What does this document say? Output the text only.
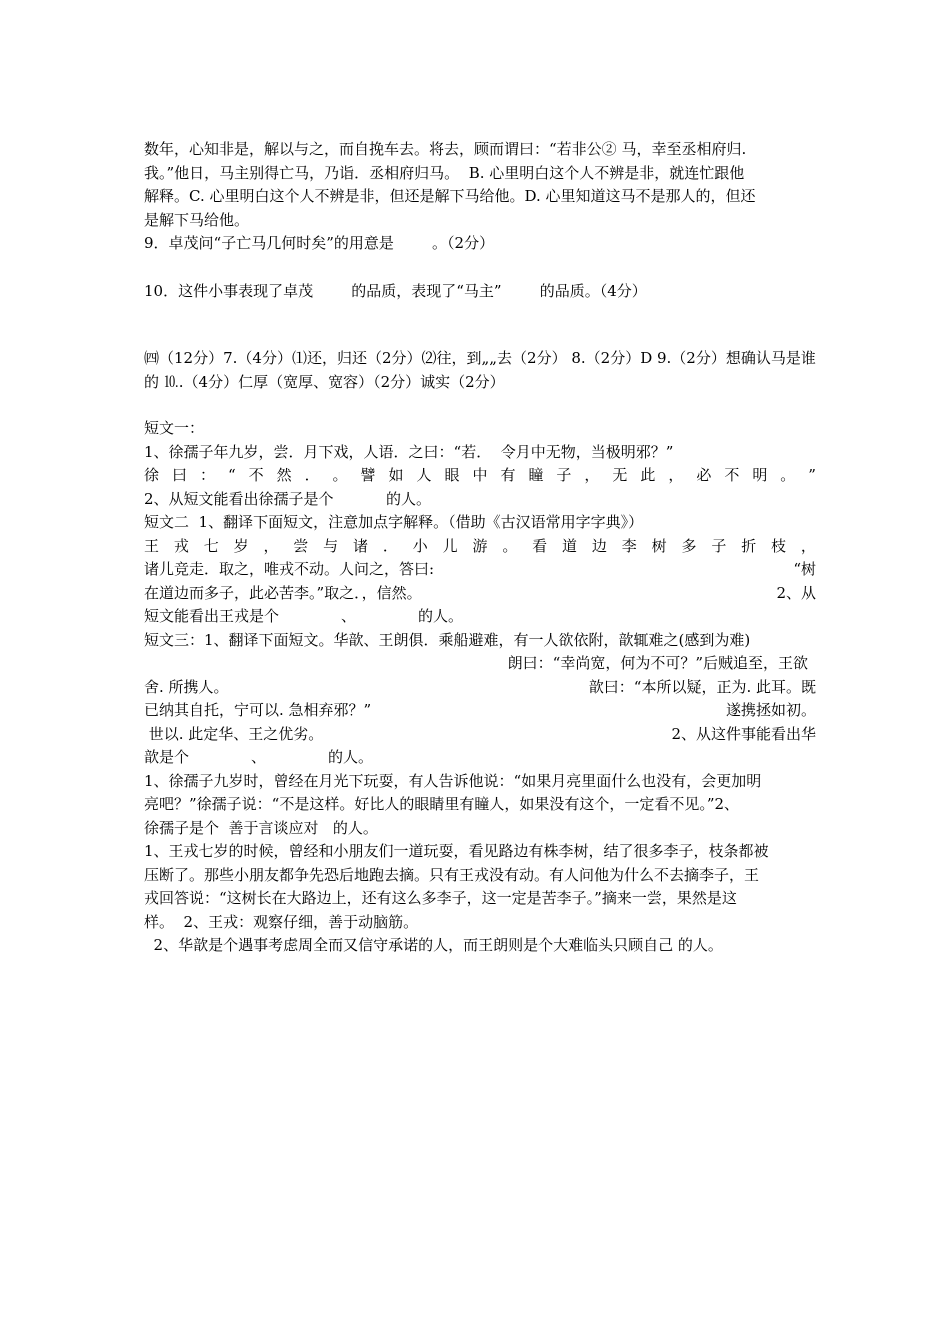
数年，心知非是，解以与之，而自挽车去。将去，顾而谓曰：“若非公② 马，幸至丞相府归.

我。”他日，马主别得亡马，乃诣．丞相府归马。  B. 心里明白这个人不辨是非，就连忙跟他

解释。C. 心里明白这个人不辨是非，但还是解下马给他。D. 心里知道这马不是那人的，但还

是解下马给他。

9．卓茂问“子亡马几何时矣”的用意是        。（2分）

10．这件小事表现了卓茂        的品质，表现了“马主”        的品质。（4分）

㈣（12分）7.（4分）⑴还，归还（2分）⑵往，到„„去（2分） 8.（2分）D 9.（2分）想确认马是谁

的 ⒑.（4分）仁厚（宽厚、宽容）（2分）诚实（2分）

短文一：

1、徐孺子年九岁，尝．月下戏，人语．之曰：“若．  令月中无物，当极明邪？”

徐 曰 ： “ 不 然 ． 。 譬 如 人 眼 中 有 瞳 子 ， 无 此 ， 必 不 明 。 ”

2、从短文能看出徐孺子是个           的人。

短文二  1、翻译下面短文，注意加点字解释。（借助《古汉语常用字字典》）

王 戎 七 岁 ， 尝 与 诸 ． 小 儿 游 。 看 道 边 李 树 多 子 折 枝 ，
诸儿竞走．取之，唯戎不动。人问之，答曰:	“树
在道边而多子，此必苦李。”取之．，信然。	2、从

短文能看出王戎是个             、             的人。

短文三：1、翻译下面短文。华歆、王朗俱．乘船避难，有一人欲依附，歆辄难之(感到为难)

朗曰：“幸尚宽，何为不可？”后贼追至，王欲

舍. 所携人。	歆曰：“本所以疑，正为. 此耳。既
已纳其自托，宁可以. 急相弃邪？”	遂携拯如初。
世以. 此定华、王之优劣。	2、从这件事能看出华

歆是个             、             的人。

1、徐孺子九岁时，曾经在月光下玩耍，有人告诉他说：“如果月亮里面什么也没有，会更加明

亮吧？”徐孺子说：“不是这样。好比人的眼睛里有瞳人，如果没有这个，一定看不见。”2、

徐孺子是个  善于言谈应对   的人。

1、王戎七岁的时候，曾经和小朋友们一道玩耍，看见路边有株李树，结了很多李子，枝条都被

压断了。那些小朋友都争先恐后地跑去摘。只有王戎没有动。有人问他为什么不去摘李子，王

戎回答说：“这树长在大路边上，还有这么多李子，这一定是苦李子。”摘来一尝，果然是这

样。  2、王戎：观察仔细，善于动脑筋。

2、华歆是个遇事考虑周全而又信守承诺的人，而王朗则是个大难临头只顾自己 的人。
